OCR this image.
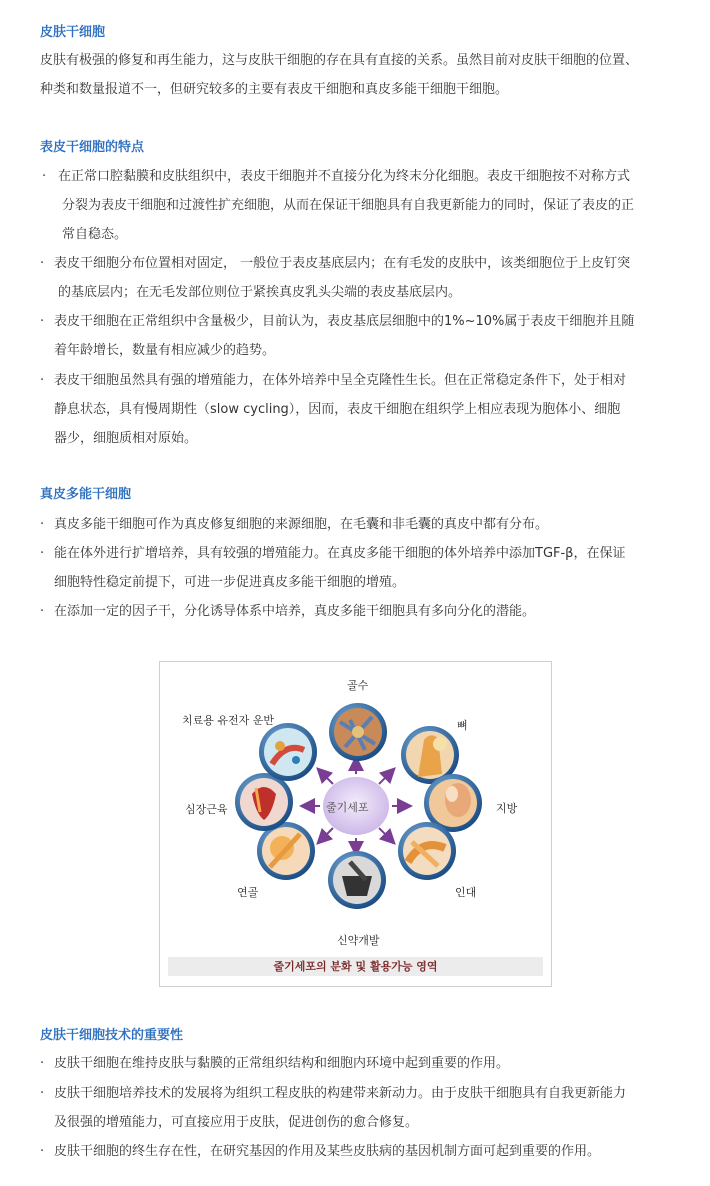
皮肤干细胞

皮肤有极强的修复和再生能力，这与皮肤干细胞的存在具有直接的关系。虽然目前对皮肤干细胞的位置、
种类和数量报道不一，但研究较多的主要有表皮干细胞和真皮多能干细胞干细胞。

表皮干细胞的特点
· 在正常口腔黏膜和皮肤组织中，表皮干细胞并不直接分化为终末分化细胞。表皮干细胞按不对称方式
分裂为表皮干细胞和过渡性扩充细胞，从而在保证干细胞具有自我更新能力的同时，保证了表皮的正
常自稳态。
· 表皮干细胞分布位置相对固定， 一般位于表皮基底层内；在有毛发的皮肤中，该类细胞位于上皮钉突
的基底层内；在无毛发部位则位于紧挨真皮乳头尖端的表皮基底层内。
· 表皮干细胞在正常组织中含量极少，目前认为，表皮基底层细胞中的1%~10%属于表皮干细胞并且随
着年龄增长，数量有相应减少的趋势。
· 表皮干细胞虽然具有强的增殖能力，在体外培养中呈全克隆性生长。但在正常稳定条件下，处于相对
静息状态，具有慢周期性（slow cycling），因而，表皮干细胞在组织学上相应表现为胞体小、细胞
器少，细胞质相对原始。
真皮多能干细胞
· 真皮多能干细胞可作为真皮修复细胞的来源细胞，在毛囊和非毛囊的真皮中都有分布。
· 能在体外进行扩增培养，具有较强的增殖能力。在真皮多能干细胞的体外培养中添加TGF-β，在保证
细胞特性稳定前提下，可进一步促进真皮多能干细胞的增殖。
· 在添加一定的因子干，分化诱导体系中培养，真皮多能干细胞具有多向分化的潜能。
줄기세포
골수
뼈
지방
인대
신약개발
연골
심장근육
치료용 유전자 운반
줄기세포의 분화 및 활용가능 영역
皮肤干细胞技术的重要性
· 皮肤干细胞在维持皮肤与黏膜的正常组织结构和细胞内环境中起到重要的作用。
· 皮肤干细胞培养技术的发展将为组织工程皮肤的构建带来新动力。由于皮肤干细胞具有自我更新能力
及很强的增殖能力，可直接应用于皮肤，促进创伤的愈合修复。
· 皮肤干细胞的终生存在性，在研究基因的作用及某些皮肤病的基因机制方面可起到重要的作用。
